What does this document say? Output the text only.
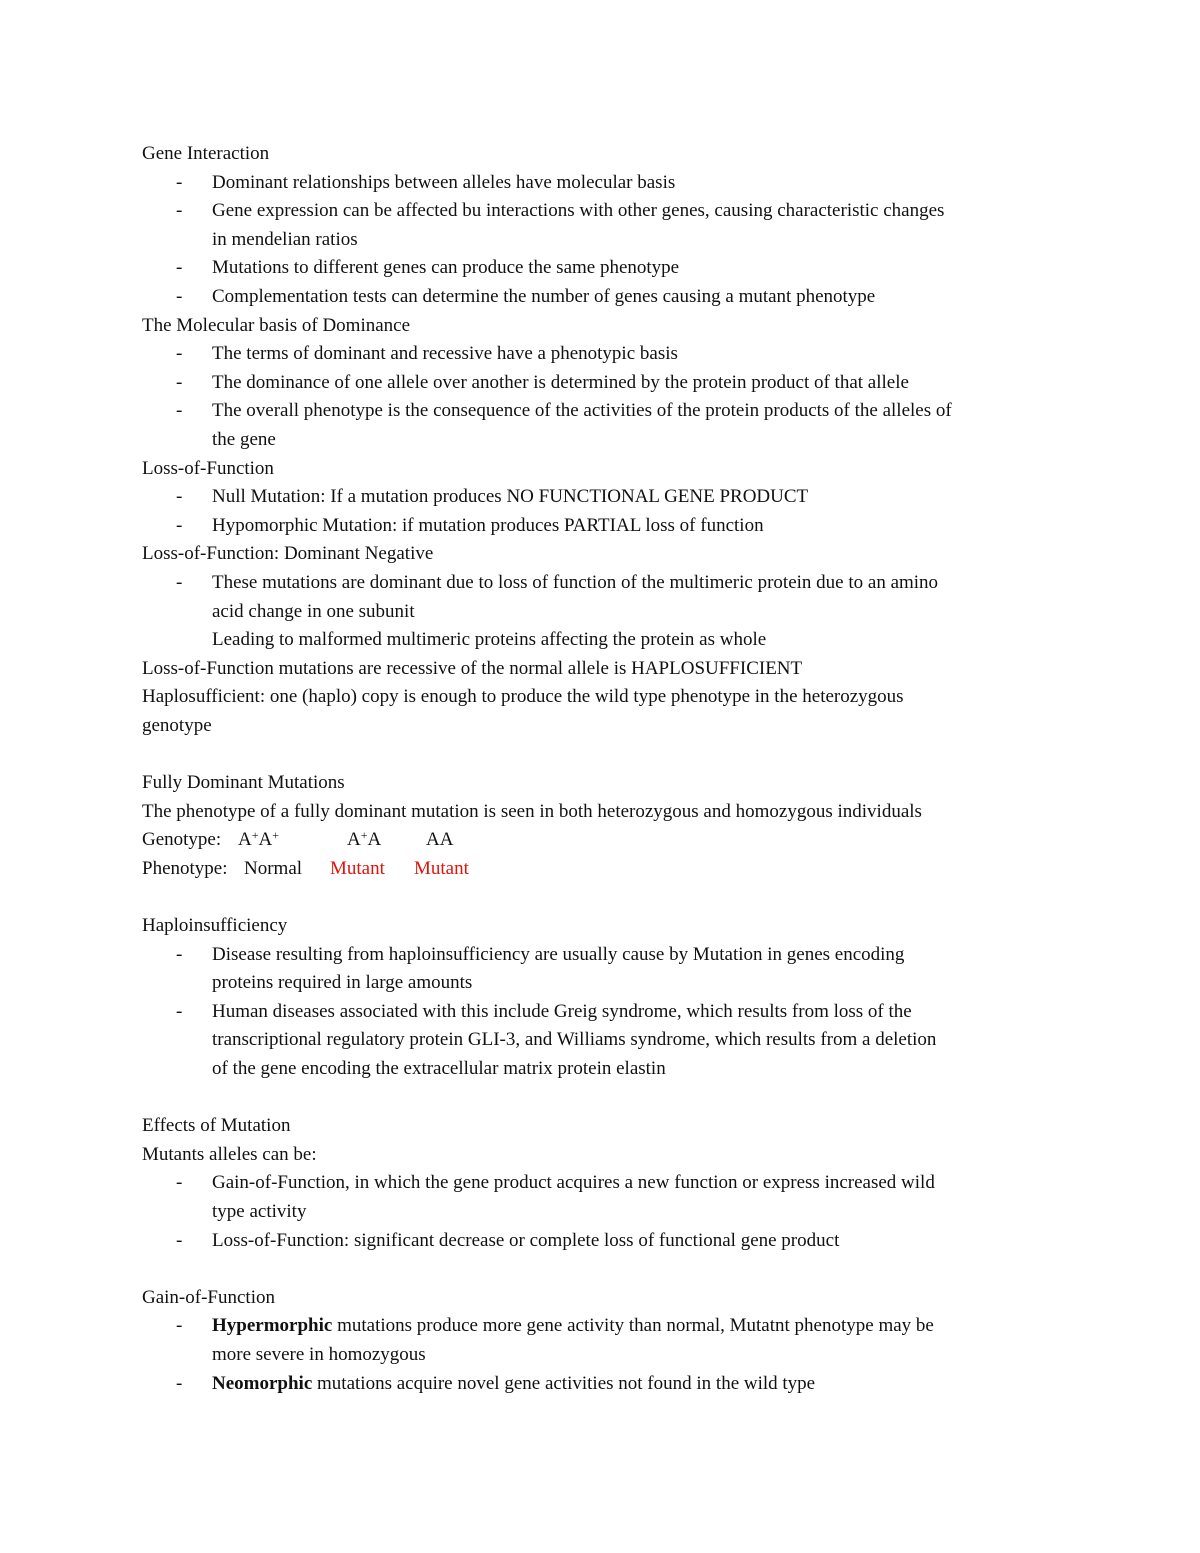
Gene Interaction
- Dominant relationships between alleles have molecular basis
- Gene expression can be affected bu interactions with other genes, causing characteristic changes
in mendelian ratios
- Mutations to different genes can produce the same phenotype
- Complementation tests can determine the number of genes causing a mutant phenotype
The Molecular basis of Dominance
- The terms of dominant and recessive have a phenotypic basis
- The dominance of one allele over another is determined by the protein product of that allele
- The overall phenotype is the consequence of the activities of the protein products of the alleles of
the gene
Loss-of-Function
- Null Mutation: If a mutation produces NO FUNCTIONAL GENE PRODUCT
- Hypomorphic Mutation: if mutation produces PARTIAL loss of function
Loss-of-Function: Dominant Negative
- These mutations are dominant due to loss of function of the multimeric protein due to an amino
acid change in one subunit
Leading to malformed multimeric proteins affecting the protein as whole
Loss-of-Function mutations are recessive of the normal allele is HAPLOSUFFICIENT
Haplosufficient: one (haplo) copy is enough to produce the wild type phenotype in the heterozygous
genotype
Fully Dominant Mutations
The phenotype of a fully dominant mutation is seen in both heterozygous and homozygous individuals
Genotype: A+A+	A+A AA
Phenotype: Normal Mutant Mutant
Haploinsufficiency
- Disease resulting from haploinsufficiency are usually cause by Mutation in genes encoding
proteins required in large amounts
- Human diseases associated with this include Greig syndrome, which results from loss of the
transcriptional regulatory protein GLI-3, and Williams syndrome, which results from a deletion
of the gene encoding the extracellular matrix protein elastin
Effects of Mutation
Mutants alleles can be:
- Gain-of-Function, in which the gene product acquires a new function or express increased wild
type activity
- Loss-of-Function: significant decrease or complete loss of functional gene product
Gain-of-Function
- Hypermorphic mutations produce more gene activity than normal, Mutatnt phenotype may be
more severe in homozygous
- Neomorphic mutations acquire novel gene activities not found in the wild type
